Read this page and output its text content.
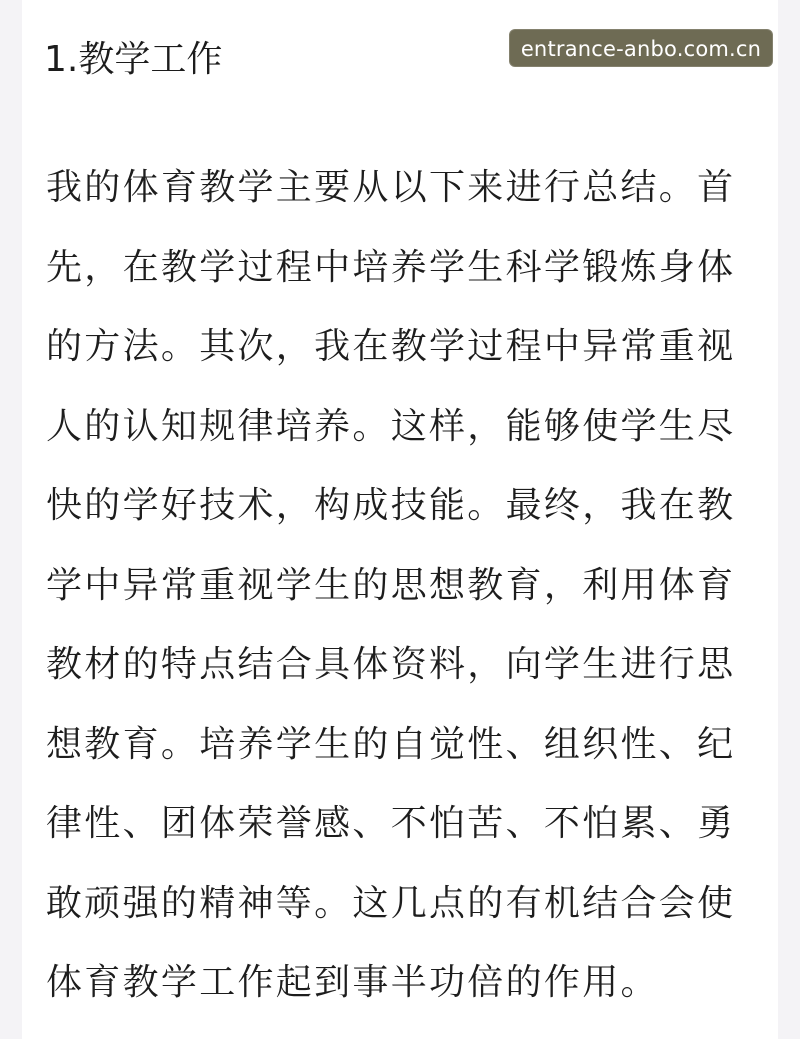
1.教学工作	entrance-anbo.com.cn

我的体育教学主要从以下来进行总结。首
先，在教学过程中培养学生科学锻炼身体
的方法。其次，我在教学过程中异常重视
人的认知规律培养。这样，能够使学生尽
快的学好技术，构成技能。最终，我在教
学中异常重视学生的思想教育，利用体育
教材的特点结合具体资料，向学生进行思
想教育。培养学生的自觉性、组织性、纪
律性、团体荣誉感、不怕苦、不怕累、勇
敢顽强的精神等。这几点的有机结合会使
体育教学工作起到事半功倍的作用。
